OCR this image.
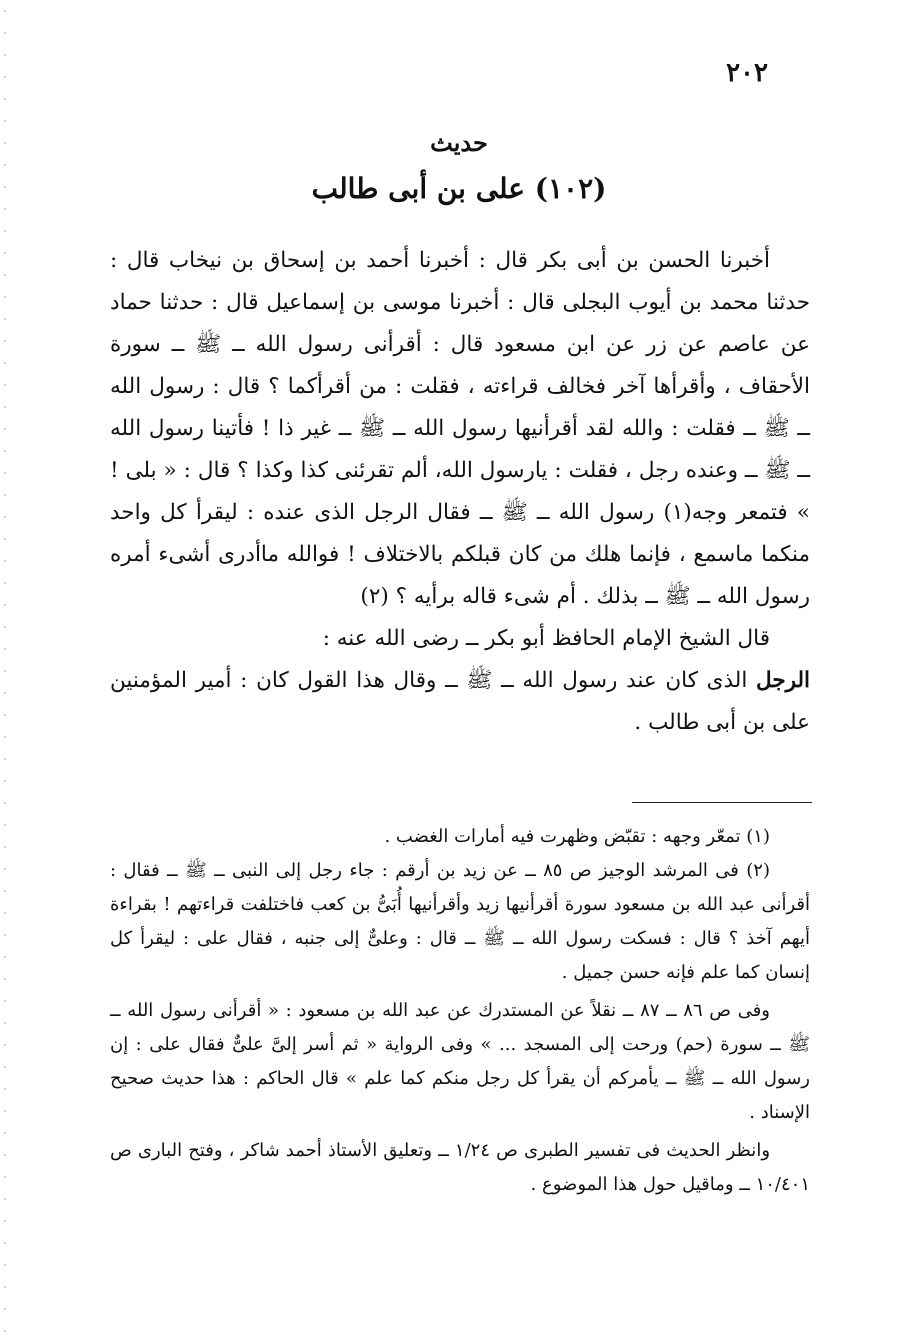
٢٠٢
حديث
(١٠٢) على بن أبى طالب

أخبرنا الحسن بن أبى بكر قال : أخبرنا أحمد بن إسحاق بن نيخاب قال : حدثنا محمد بن أيوب البجلى قال : أخبرنا موسى بن إسماعيل قال : حدثنا حماد عن عاصم عن زر عن ابن مسعود قال : أقرأنى رسول الله ــ ﷺ ــ سورة الأحقاف ، وأقرأها آخر فخالف قراءته ، فقلت : من أقرأكما ؟ قال : رسول الله ــ ﷺ ــ فقلت : والله لقد أقرأنيها رسول الله ــ ﷺ ــ غير ذا ! فأتينا رسول الله ــ ﷺ ــ وعنده رجل ، فقلت : يارسول الله، ألم تقرئنى كذا وكذا ؟ قال : « بلى ! » فتمعر وجه(١) رسول الله ــ ﷺ ــ فقال الرجل الذى عنده : ليقرأ كل واحد منكما ماسمع ، فإنما هلك من كان قبلكم بالاختلاف ! فوالله ماأدرى أشىء أمره رسول الله ــ ﷺ ــ بذلك . أم شىء قاله برأيه ؟ (٢)

قال الشيخ الإمام الحافظ أبو بكر ــ رضى الله عنه :

الرجل الذى كان عند رسول الله ــ ﷺ ــ وقال هذا القول كان : أمير المؤمنين على بن أبى طالب .

(١) تمعّر وجهه : تقبّض وظهرت فيه أمارات الغضب .

(٢) فى المرشد الوجيز ص ٨٥ ــ عن زيد بن أرقم : جاء رجل إلى النبى ــ ﷺ ــ فقال : أقرأنى عبد الله بن مسعود سورة أقرأنيها زيد وأقرأنيها أُبَىُّ بن كعب فاختلفت قراءتهم ! بقراءة أيهم آخذ ؟ قال : فسكت رسول الله ــ ﷺ ــ قال : وعلىٌّ إلى جنبه ، فقال على : ليقرأ كل إنسان كما علم فإنه حسن جميل .

وفى ص ٨٦ ــ ٨٧ ــ نقلاً عن المستدرك عن عبد الله بن مسعود : « أقرأنى رسول الله ــ ﷺ ــ سورة (حم) ورحت إلى المسجد ... » وفى الرواية « ثم أسر إلىَّ علىٌّ فقال على : إن رسول الله ــ ﷺ ــ يأمركم أن يقرأ كل رجل منكم كما علم » قال الحاكم : هذا حديث صحيح الإسناد .

وانظر الحديث فى تفسير الطبرى ص ١/٢٤ ــ وتعليق الأستاذ أحمد شاكر ، وفتح البارى ص ١٠/٤٠١ ــ وماقيل حول هذا الموضوع .
